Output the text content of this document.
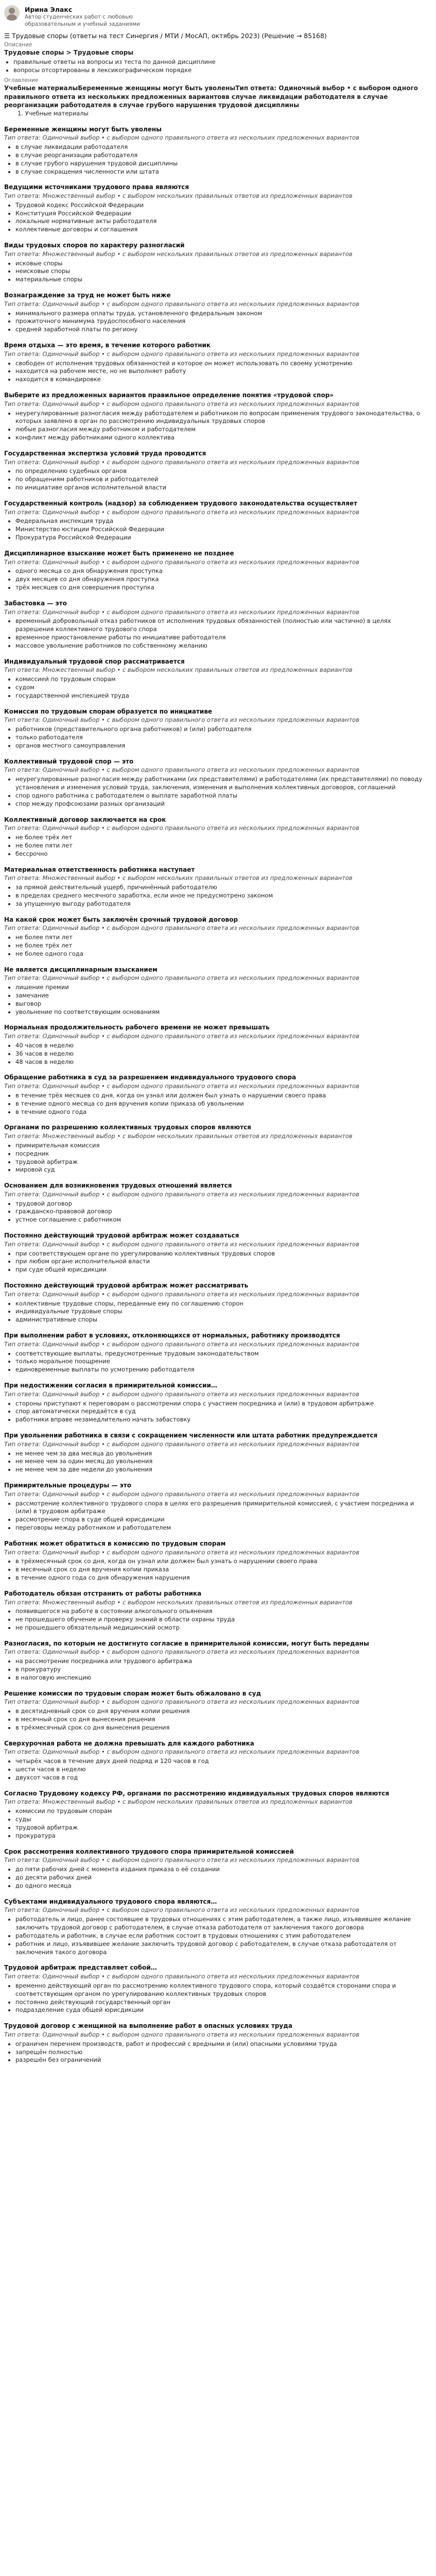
Ирина Элакс
Автор студенческих работ с любовью образовательным и учебный заданиями
☰ Трудовые споры (ответы на тест Синергия / МТИ / МосАП, октябрь 2023) (Решение → 85168)
Описание
Трудовые споры > Трудовые споры
• правильные ответы на вопросы из теста по данной дисциплине
• вопросы отсортированы в лексикографическом порядке
Оглавление
Учебные материалыБеременные женщины могут быть уволеныТип ответа: Одиночный выбор • с выбором одного правильного ответа из нескольких предложенных вариантовв случае ликвидации работодателя в случае реорганизации работодателя в случае грубого нарушения трудовой дисциплины
1. Учебные материалы
Беременные женщины могут быть уволены
Тип ответа: Одиночный выбор • с выбором одного правильного ответа из нескольких предложенных вариантов
• в случае ликвидации работодателя
• в случае реорганизации работодателя
• в случае грубого нарушения трудовой дисциплины
• в случае сокращения численности или штата
Ведущими источниками трудового права являются
Тип ответа: Множественный выбор • с выбором нескольких правильных ответов из предложенных вариантов
• Трудовой кодекс Российской Федерации
• Конституция Российской Федерации
• локальные нормативные акты работодателя
• коллективные договоры и соглашения
Виды трудовых споров по характеру разногласий
Тип ответа: Множественный выбор • с выбором нескольких правильных ответов из предложенных вариантов
• исковые споры
• неисковые споры
• материальные споры
Вознаграждение за труд не может быть ниже
Тип ответа: Одиночный выбор • с выбором одного правильного ответа из нескольких предложенных вариантов
• минимального размера оплаты труда, установленного федеральным законом
• прожиточного минимума трудоспособного населения
• средней заработной платы по региону
Время отдыха — это время, в течение которого работник
Тип ответа: Одиночный выбор • с выбором одного правильного ответа из нескольких предложенных вариантов
• свободен от исполнения трудовых обязанностей и которое он может использовать по своему усмотрению
• находится на рабочем месте, но не выполняет работу
• находится в командировке
Выберите из предложенных вариантов правильное определение понятия «трудовой спор»
Тип ответа: Одиночный выбор • с выбором одного правильного ответа из нескольких предложенных вариантов
• неурегулированные разногласия между работодателем и работником по вопросам применения трудового законодательства, о которых заявлено в орган по рассмотрению индивидуальных трудовых споров
• любые разногласия между работником и работодателем
• конфликт между работниками одного коллектива
Государственная экспертиза условий труда проводится
Тип ответа: Одиночный выбор • с выбором одного правильного ответа из нескольких предложенных вариантов
• по определению судебных органов
• по обращениям работников и работодателей
• по инициативе органов исполнительной власти
Государственный контроль (надзор) за соблюдением трудового законодательства осуществляет
Тип ответа: Одиночный выбор • с выбором одного правильного ответа из нескольких предложенных вариантов
• Федеральная инспекция труда
• Министерство юстиции Российской Федерации
• Прокуратура Российской Федерации
Дисциплинарное взыскание может быть применено не позднее
Тип ответа: Одиночный выбор • с выбором одного правильного ответа из нескольких предложенных вариантов
• одного месяца со дня обнаружения проступка
• двух месяцев со дня обнаружения проступка
• трёх месяцев со дня совершения проступка
Забастовка — это
Тип ответа: Одиночный выбор • с выбором одного правильного ответа из нескольких предложенных вариантов
• временный добровольный отказ работников от исполнения трудовых обязанностей (полностью или частично) в целях разрешения коллективного трудового спора
• временное приостановление работы по инициативе работодателя
• массовое увольнение работников по собственному желанию
Индивидуальный трудовой спор рассматривается
Тип ответа: Множественный выбор • с выбором нескольких правильных ответов из предложенных вариантов
• комиссией по трудовым спорам
• судом
• государственной инспекцией труда
Комиссия по трудовым спорам образуется по инициативе
Тип ответа: Одиночный выбор • с выбором одного правильного ответа из нескольких предложенных вариантов
• работников (представительного органа работников) и (или) работодателя
• только работодателя
• органов местного самоуправления
Коллективный трудовой спор — это
Тип ответа: Одиночный выбор • с выбором одного правильного ответа из нескольких предложенных вариантов
• неурегулированные разногласия между работниками (их представителями) и работодателями (их представителями) по поводу установления и изменения условий труда, заключения, изменения и выполнения коллективных договоров, соглашений
• спор одного работника с работодателем о выплате заработной платы
• спор между профсоюзами разных организаций
Коллективный договор заключается на срок
Тип ответа: Одиночный выбор • с выбором одного правильного ответа из нескольких предложенных вариантов
• не более трёх лет
• не более пяти лет
• бессрочно
Материальная ответственность работника наступает
Тип ответа: Множественный выбор • с выбором нескольких правильных ответов из предложенных вариантов
• за прямой действительный ущерб, причинённый работодателю
• в пределах среднего месячного заработка, если иное не предусмотрено законом
• за упущенную выгоду работодателя
На какой срок может быть заключён срочный трудовой договор
Тип ответа: Одиночный выбор • с выбором одного правильного ответа из нескольких предложенных вариантов
• не более пяти лет
• не более трёх лет
• не более одного года
Не является дисциплинарным взысканием
Тип ответа: Одиночный выбор • с выбором одного правильного ответа из нескольких предложенных вариантов
• лишение премии
• замечание
• выговор
• увольнение по соответствующим основаниям
Нормальная продолжительность рабочего времени не может превышать
Тип ответа: Одиночный выбор • с выбором одного правильного ответа из нескольких предложенных вариантов
• 40 часов в неделю
• 36 часов в неделю
• 48 часов в неделю
Обращение работника в суд за разрешением индивидуального трудового спора
Тип ответа: Одиночный выбор • с выбором одного правильного ответа из нескольких предложенных вариантов
• в течение трёх месяцев со дня, когда он узнал или должен был узнать о нарушении своего права
• в течение одного месяца со дня вручения копии приказа об увольнении
• в течение одного года
Органами по разрешению коллективных трудовых споров являются
Тип ответа: Множественный выбор • с выбором нескольких правильных ответов из предложенных вариантов
• примирительная комиссия
• посредник
• трудовой арбитраж
• мировой суд
Основанием для возникновения трудовых отношений является
Тип ответа: Одиночный выбор • с выбором одного правильного ответа из нескольких предложенных вариантов
• трудовой договор
• гражданско-правовой договор
• устное соглашение с работником
Постоянно действующий трудовой арбитраж может создаваться
Тип ответа: Одиночный выбор • с выбором одного правильного ответа из нескольких предложенных вариантов
• при соответствующем органе по урегулированию коллективных трудовых споров
• при любом органе исполнительной власти
• при суде общей юрисдикции
Постоянно действующий трудовой арбитраж может рассматривать
Тип ответа: Одиночный выбор • с выбором одного правильного ответа из нескольких предложенных вариантов
• коллективные трудовые споры, переданные ему по соглашению сторон
• индивидуальные трудовые споры
• административные споры
При выполнении работ в условиях, отклоняющихся от нормальных, работнику производятся
Тип ответа: Одиночный выбор • с выбором одного правильного ответа из нескольких предложенных вариантов
• соответствующие выплаты, предусмотренные трудовым законодательством
• только моральное поощрение
• единовременные выплаты по усмотрению работодателя
При недостижении согласия в примирительной комиссии…
Тип ответа: Одиночный выбор • с выбором одного правильного ответа из нескольких предложенных вариантов
• стороны приступают к переговорам о рассмотрении спора с участием посредника и (или) в трудовом арбитраже
• спор автоматически передаётся в суд
• работники вправе незамедлительно начать забастовку
При увольнении работника в связи с сокращением численности или штата работник предупреждается
Тип ответа: Одиночный выбор • с выбором одного правильного ответа из нескольких предложенных вариантов
• не менее чем за два месяца до увольнения
• не менее чем за один месяц до увольнения
• не менее чем за две недели до увольнения
Примирительные процедуры — это
Тип ответа: Одиночный выбор • с выбором одного правильного ответа из нескольких предложенных вариантов
• рассмотрение коллективного трудового спора в целях его разрешения примирительной комиссией, с участием посредника и (или) в трудовом арбитраже
• рассмотрение спора в суде общей юрисдикции
• переговоры между работником и работодателем
Работник может обратиться в комиссию по трудовым спорам
Тип ответа: Одиночный выбор • с выбором одного правильного ответа из нескольких предложенных вариантов
• в трёхмесячный срок со дня, когда он узнал или должен был узнать о нарушении своего права
• в месячный срок со дня вручения копии приказа
• в течение одного года со дня обнаружения нарушения
Работодатель обязан отстранить от работы работника
Тип ответа: Множественный выбор • с выбором нескольких правильных ответов из предложенных вариантов
• появившегося на работе в состоянии алкогольного опьянения
• не прошедшего обучение и проверку знаний в области охраны труда
• не прошедшего обязательный медицинский осмотр
Разногласия, по которым не достигнуто согласие в примирительной комиссии, могут быть переданы
Тип ответа: Одиночный выбор • с выбором одного правильного ответа из нескольких предложенных вариантов
• на рассмотрение посредника или трудового арбитража
• в прокуратуру
• в налоговую инспекцию
Решение комиссии по трудовым спорам может быть обжаловано в суд
Тип ответа: Одиночный выбор • с выбором одного правильного ответа из нескольких предложенных вариантов
• в десятидневный срок со дня вручения копии решения
• в месячный срок со дня вынесения решения
• в трёхмесячный срок со дня вынесения решения
Сверхурочная работа не должна превышать для каждого работника
Тип ответа: Одиночный выбор • с выбором одного правильного ответа из нескольких предложенных вариантов
• четырёх часов в течение двух дней подряд и 120 часов в год
• шести часов в неделю
• двухсот часов в год
Согласно Трудовому кодексу РФ, органами по рассмотрению индивидуальных трудовых споров являются
Тип ответа: Множественный выбор • с выбором нескольких правильных ответов из предложенных вариантов
• комиссии по трудовым спорам
• суды
• трудовой арбитраж
• прокуратура
Срок рассмотрения коллективного трудового спора примирительной комиссией
Тип ответа: Одиночный выбор • с выбором одного правильного ответа из нескольких предложенных вариантов
• до пяти рабочих дней с момента издания приказа о её создании
• до десяти рабочих дней
• до одного месяца
Субъектами индивидуального трудового спора являются…
Тип ответа: Одиночный выбор • с выбором одного правильного ответа из нескольких предложенных вариантов
• работодатель и лицо, ранее состоявшее в трудовых отношениях с этим работодателем, а также лицо, изъявившее желание заключить трудовой договор с работодателем, в случае отказа работодателя от заключения такого договора
• работодатель и работник, в случае если работник состоит в трудовых отношениях с этим работодателем
• работник и лицо, изъявившее желание заключить трудовой договор с работодателем, в случае отказа работодателя от заключения такого договора
Трудовой арбитраж представляет собой…
Тип ответа: Одиночный выбор • с выбором одного правильного ответа из нескольких предложенных вариантов
• временно действующий орган по рассмотрению коллективного трудового спора, который создаётся сторонами спора и соответствующим органом по урегулированию коллективных трудовых споров
• постоянно действующий государственный орган
• подразделение суда общей юрисдикции
Трудовой договор с женщиной на выполнение работ в опасных условиях труда
Тип ответа: Одиночный выбор • с выбором одного правильного ответа из нескольких предложенных вариантов
• ограничен перечнем производств, работ и профессий с вредными и (или) опасными условиями труда
• запрещён полностью
• разрешён без ограничений
